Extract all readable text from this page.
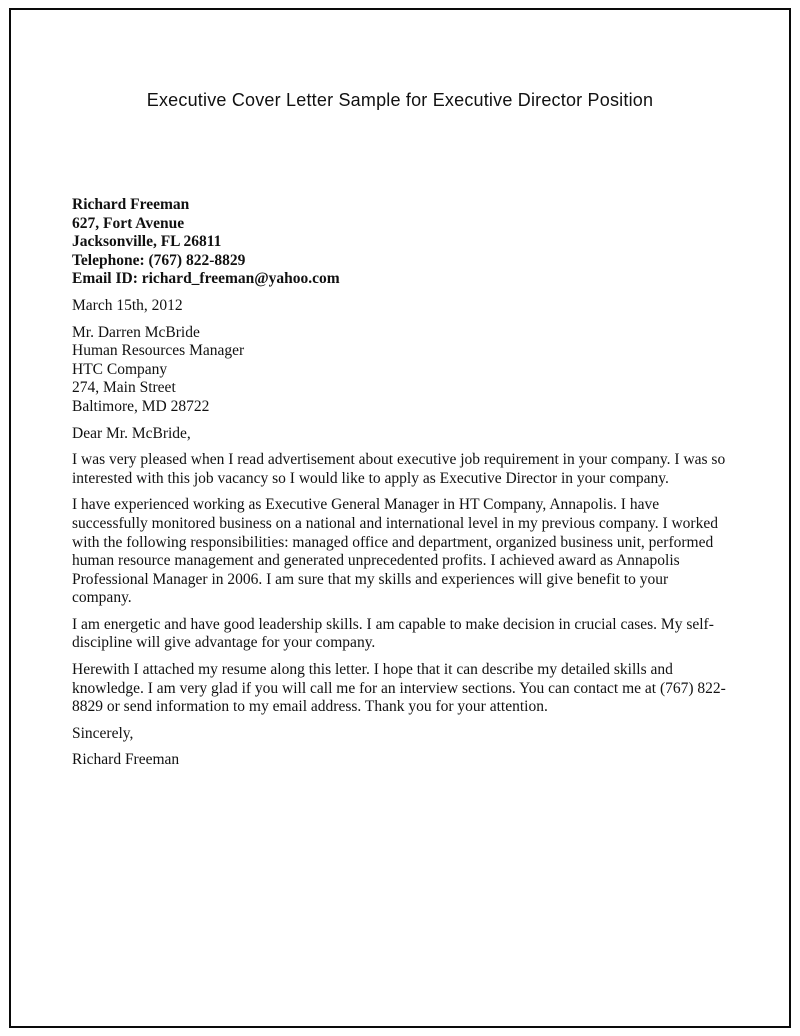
Executive Cover Letter Sample for Executive Director Position
Richard Freeman
627, Fort Avenue
Jacksonville, FL 26811
Telephone: (767) 822-8829
Email ID: richard_freeman@yahoo.com
March 15th, 2012
Mr. Darren McBride
Human Resources Manager
HTC Company
274, Main Street
Baltimore, MD 28722

Dear Mr. McBride,

I was very pleased when I read advertisement about executive job requirement in your company. I was so interested with this job vacancy so I would like to apply as Executive Director in your company.

I have experienced working as Executive General Manager in HT Company, Annapolis. I have successfully monitored business on a national and international level in my previous company. I worked with the following responsibilities: managed office and department, organized business unit, performed human resource management and generated unprecedented profits. I achieved award as Annapolis Professional Manager in 2006. I am sure that my skills and experiences will give benefit to your company.

I am energetic and have good leadership skills. I am capable to make decision in crucial cases. My self-discipline will give advantage for your company.

Herewith I attached my resume along this letter. I hope that it can describe my detailed skills and knowledge. I am very glad if you will call me for an interview sections. You can contact me at (767) 822-8829 or send information to my email address. Thank you for your attention.

Sincerely,

Richard Freeman
